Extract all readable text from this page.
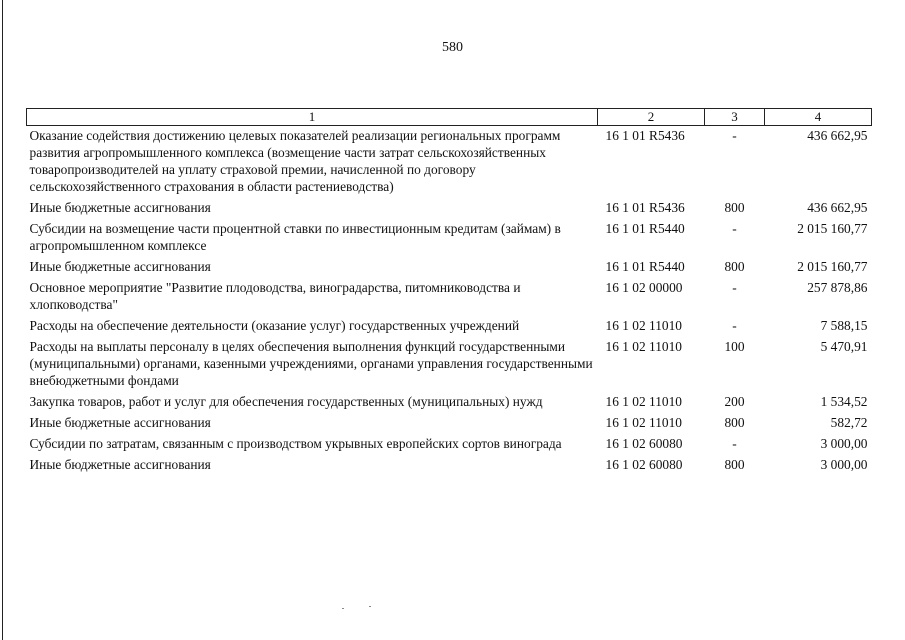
580
1	2	3	4
Оказание содействия достижению целевых показателей реализации региональных программ развития агропромышленного комплекса (возмещение части затрат сельскохозяйственных товаропроизводителей на уплату страховой премии, начисленной по договору сельскохозяйственного страхования в области растениеводства)	16 1 01 R5436	-	436 662,95
Иные бюджетные ассигнования	16 1 01 R5436	800	436 662,95
Субсидии на возмещение части процентной ставки по инвестиционным кредитам (займам) в агропромышленном комплексе	16 1 01 R5440	-	2 015 160,77
Иные бюджетные ассигнования	16 1 01 R5440	800	2 015 160,77
Основное мероприятие "Развитие плодоводства, виноградарства, питомниководства и хлопководства"	16 1 02 00000	-	257 878,86
Расходы на обеспечение деятельности (оказание услуг) государственных учреждений	16 1 02 11010	-	7 588,15
Расходы на выплаты персоналу в целях обеспечения выполнения функций государственными (муниципальными) органами, казенными учреждениями, органами управления государственными внебюджетными фондами	16 1 02 11010	100	5 470,91
Закупка товаров, работ и услуг для обеспечения государственных (муниципальных) нужд	16 1 02 11010	200	1 534,52
Иные бюджетные ассигнования	16 1 02 11010	800	582,72
Субсидии по затратам, связанным с производством укрывных европейских сортов винограда	16 1 02 60080	-	3 000,00
Иные бюджетные ассигнования	16 1 02 60080	800	3 000,00
